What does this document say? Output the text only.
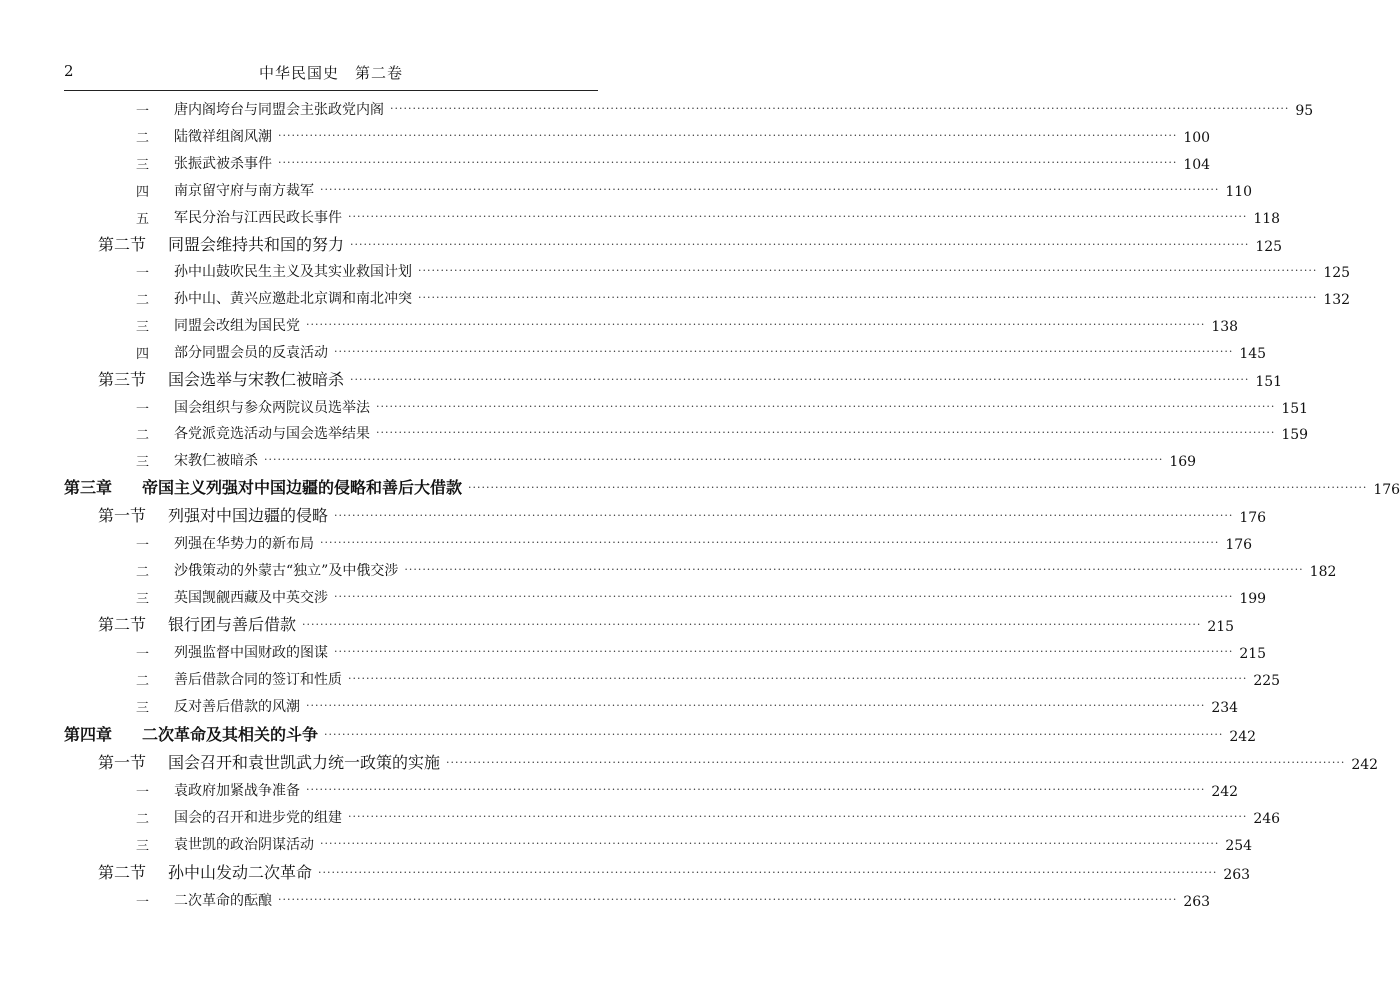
2	中华民国史　第二卷
一	唐内阁垮台与同盟会主张政党内阁 ········································································································································································································ 95
二	陆徵祥组阁风潮 ········································································································································································································ 100
三	张振武被杀事件 ········································································································································································································ 104
四	南京留守府与南方裁军 ········································································································································································································ 110
五	军民分治与江西民政长事件 ········································································································································································································ 118
第二节	同盟会维持共和国的努力 ········································································································································································································ 125
一	孙中山鼓吹民生主义及其实业救国计划 ········································································································································································································ 125
二	孙中山、黄兴应邀赴北京调和南北冲突 ········································································································································································································ 132
三	同盟会改组为国民党 ········································································································································································································ 138
四	部分同盟会员的反袁活动 ········································································································································································································ 145
第三节	国会选举与宋教仁被暗杀 ········································································································································································································ 151
一	国会组织与参众两院议员选举法 ········································································································································································································ 151
二	各党派竞选活动与国会选举结果 ········································································································································································································ 159
三	宋教仁被暗杀 ········································································································································································································ 169
第三章	帝国主义列强对中国边疆的侵略和善后大借款 ········································································································································································································ 176
第一节	列强对中国边疆的侵略 ········································································································································································································ 176
一	列强在华势力的新布局 ········································································································································································································ 176
二	沙俄策动的外蒙古“独立”及中俄交涉 ········································································································································································································ 182
三	英国觊觎西藏及中英交涉 ········································································································································································································ 199
第二节	银行团与善后借款 ········································································································································································································ 215
一	列强监督中国财政的图谋 ········································································································································································································ 215
二	善后借款合同的签订和性质 ········································································································································································································ 225
三	反对善后借款的风潮 ········································································································································································································ 234
第四章	二次革命及其相关的斗争 ········································································································································································································ 242
第一节	国会召开和袁世凯武力统一政策的实施 ········································································································································································································ 242
一	袁政府加紧战争准备 ········································································································································································································ 242
二	国会的召开和进步党的组建 ········································································································································································································ 246
三	袁世凯的政治阴谋活动 ········································································································································································································ 254
第二节	孙中山发动二次革命 ········································································································································································································ 263
一	二次革命的酝酿 ········································································································································································································ 263
